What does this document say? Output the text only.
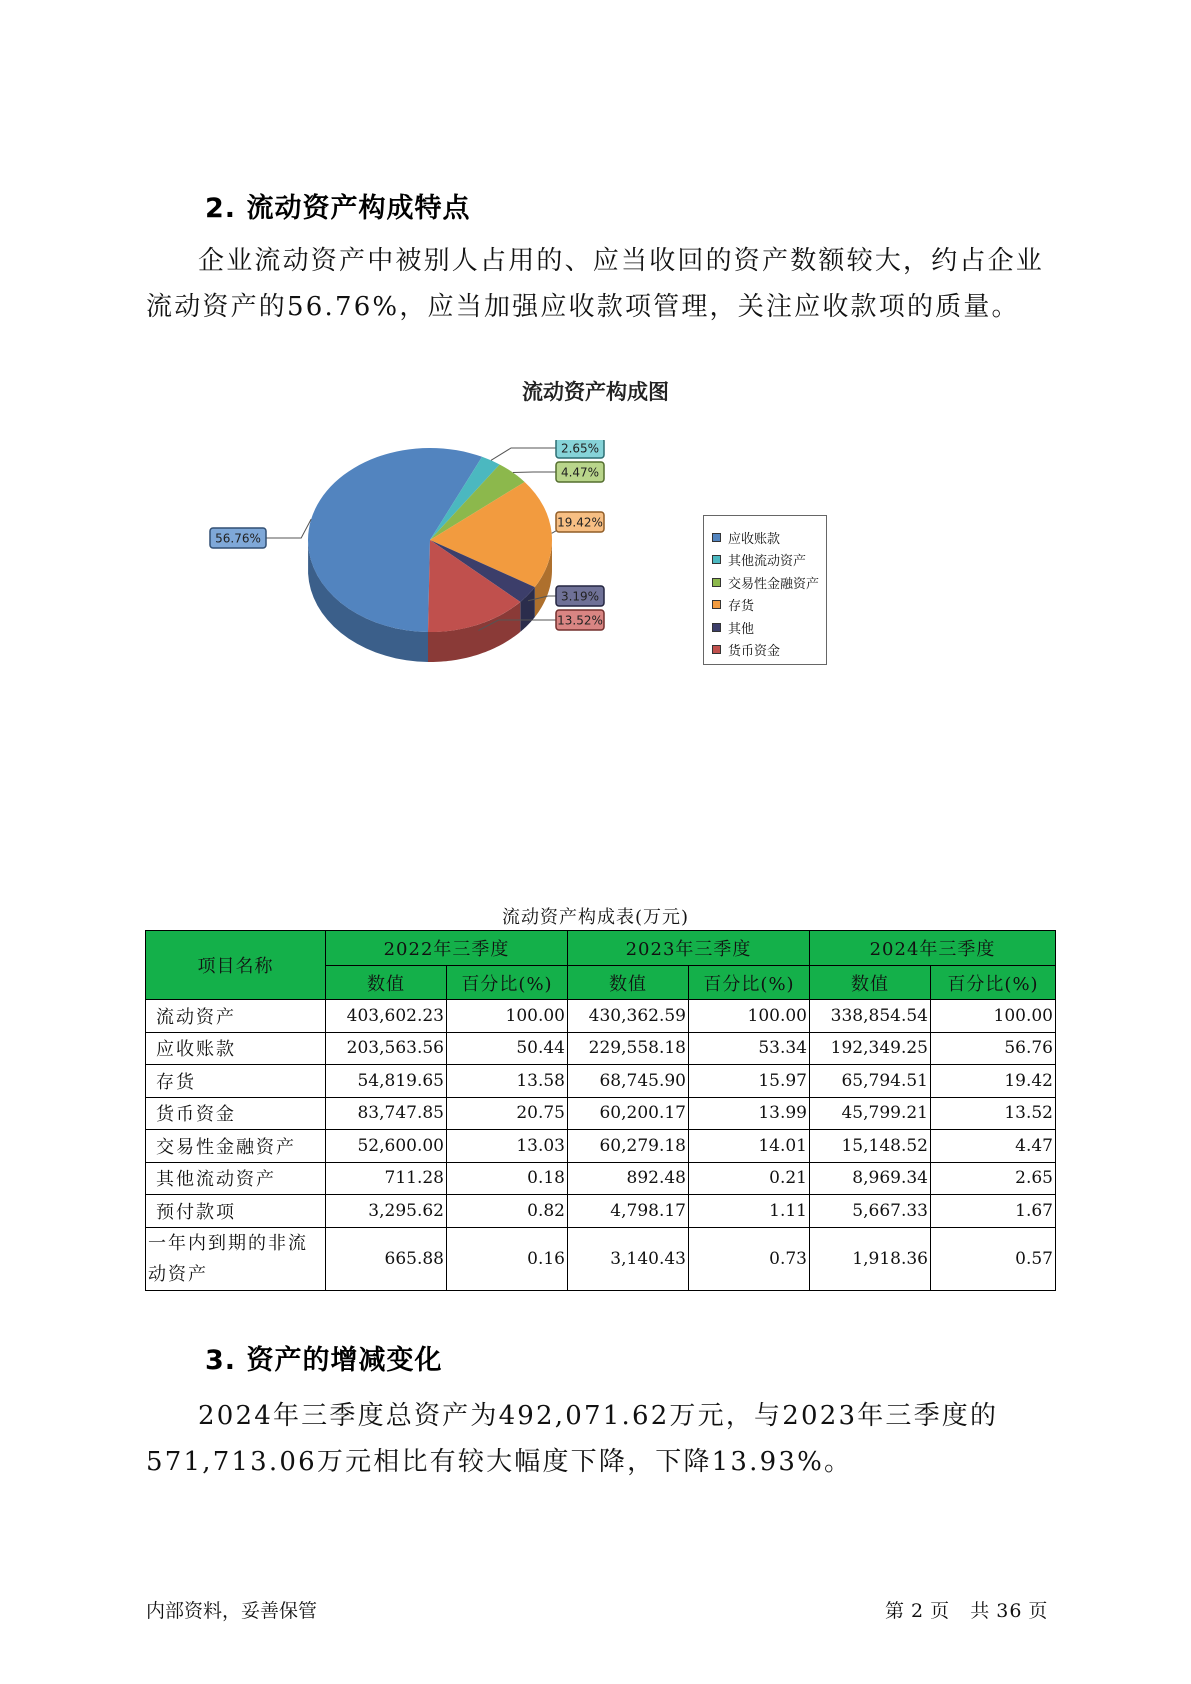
2. 流动资产构成特点

企业流动资产中被别人占用的、应当收回的资产数额较大，约占企业流动资产的56.76%，应当加强应收款项管理，关注应收款项的质量。

流动资产构成图
56.76%
2.65%
4.47%
19.42%
3.19%
13.52%
应收账款
其他流动资产
交易性金融资产
存货
其他
货币资金
流动资产构成表(万元)
项目名称	2022年三季度		2023年三季度		2024年三季度	
	数值	百分比(%)	数值	百分比(%)	数值	百分比(%)
流动资产	403,602.23	100.00	430,362.59	100.00	338,854.54	100.00
应收账款	203,563.56	50.44	229,558.18	53.34	192,349.25	56.76
存货	54,819.65	13.58	68,745.90	15.97	65,794.51	19.42
货币资金	83,747.85	20.75	60,200.17	13.99	45,799.21	13.52
交易性金融资产	52,600.00	13.03	60,279.18	14.01	15,148.52	4.47
其他流动资产	711.28	0.18	892.48	0.21	8,969.34	2.65
预付款项	3,295.62	0.82	4,798.17	1.11	5,667.33	1.67
一年内到期的非流动资产	665.88	0.16	3,140.43	0.73	1,918.36	0.57
3. 资产的增减变化

2024年三季度总资产为492,071.62万元，与2023年三季度的571,713.06万元相比有较大幅度下降，下降13.93%。

内部资料，妥善保管	第 2 页 共 36 页
